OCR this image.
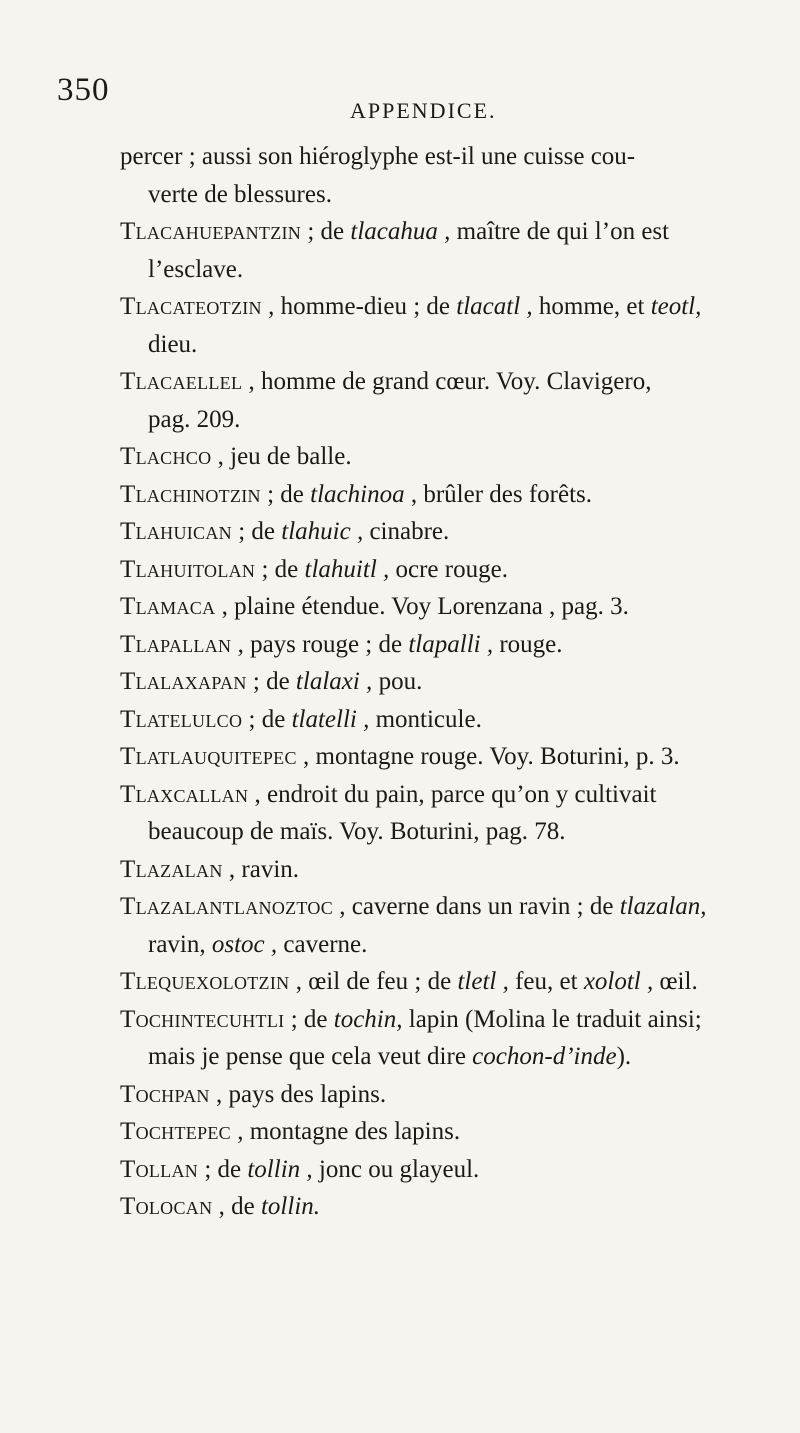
350
APPENDICE.
percer ; aussi son hiéroglyphe est-il une cuisse cou-
verte de blessures.
Tlacahuepantzin ; de tlacahua , maître de qui l’on est
l’esclave.
Tlacateotzin , homme-dieu ; de tlacatl , homme, et teotl,
dieu.
Tlacaellel , homme de grand cœur. Voy. Clavigero,
pag. 209.
Tlachco , jeu de balle.
Tlachinotzin ; de tlachinoa , brûler des forêts.
Tlahuican ; de tlahuic , cinabre.
Tlahuitolan ; de tlahuitl , ocre rouge.
Tlamaca , plaine étendue. Voy Lorenzana , pag. 3.
Tlapallan , pays rouge ; de tlapalli , rouge.
Tlalaxapan ; de tlalaxi , pou.
Tlatelulco ; de tlatelli , monticule.
Tlatlauquitepec , montagne rouge. Voy. Boturini, p. 3.
Tlaxcallan , endroit du pain, parce qu’on y cultivait
beaucoup de maïs. Voy. Boturini, pag. 78.
Tlazalan , ravin.
Tlazalantlanoztoc , caverne dans un ravin ; de tlazalan,
ravin, ostoc , caverne.
Tlequexolotzin , œil de feu ; de tletl , feu, et xolotl , œil.
Tochintecuhtli ; de tochin, lapin (Molina le traduit ainsi;
mais je pense que cela veut dire cochon-d’inde).
Tochpan , pays des lapins.
Tochtepec , montagne des lapins.
Tollan ; de tollin , jonc ou glayeul.
Tolocan , de tollin.
